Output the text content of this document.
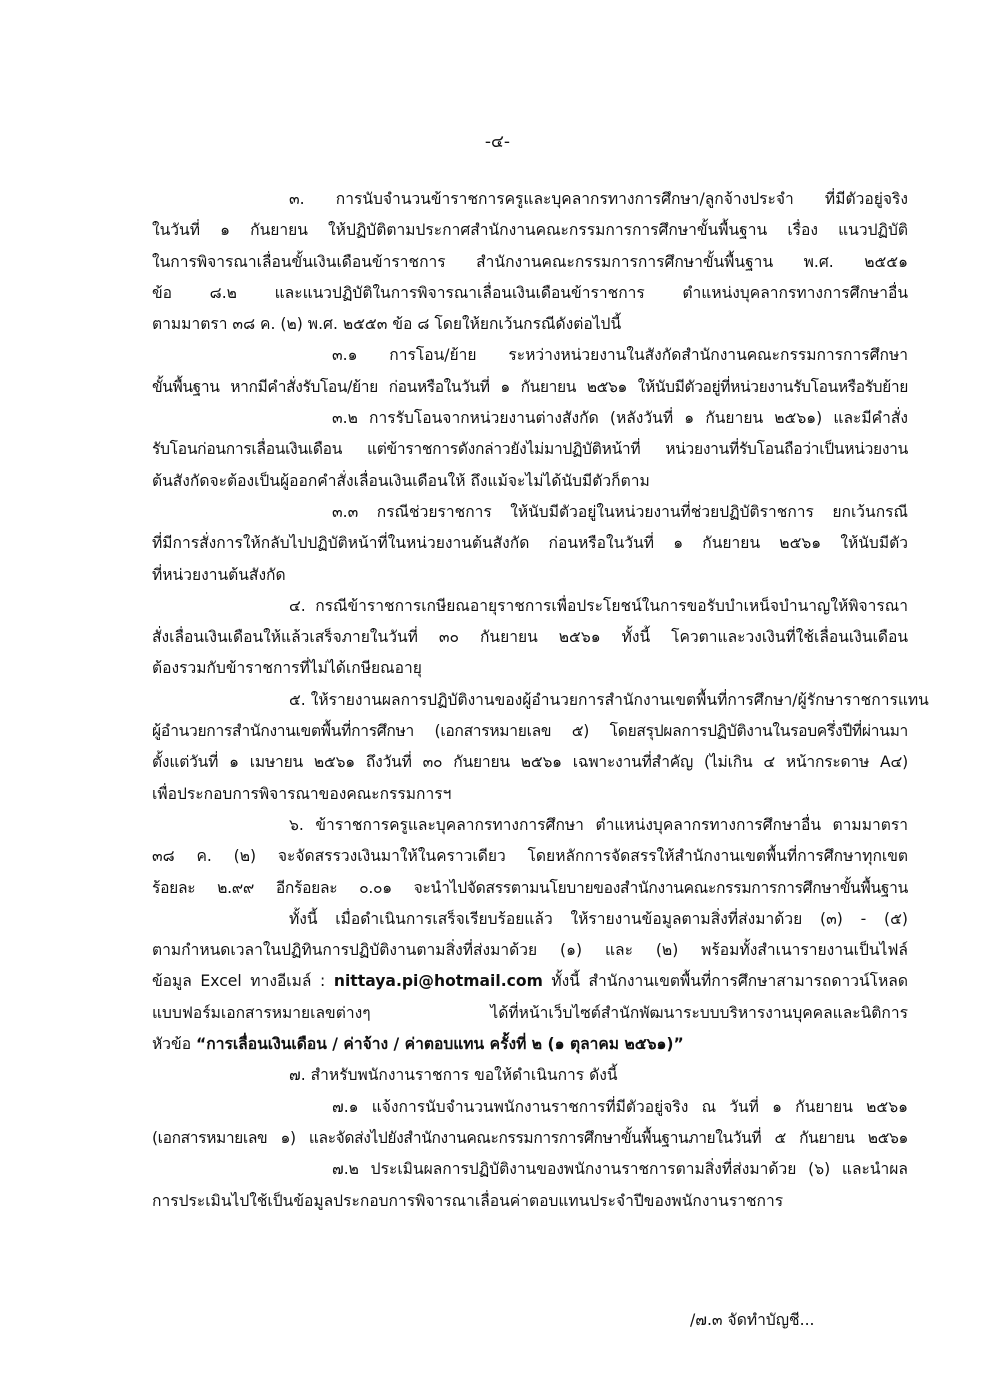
-๔-
๓. การนับจำนวนข้าราชการครูและบุคลากรทางการศึกษา/ลูกจ้างประจำ ที่มีตัวอยู่จริง
ในวันที่ ๑ กันยายน ให้ปฏิบัติตามประกาศสำนักงานคณะกรรมการการศึกษาขั้นพื้นฐาน เรื่อง แนวปฏิบัติ
ในการพิจารณาเลื่อนขั้นเงินเดือนข้าราชการ สำนักงานคณะกรรมการการศึกษาขั้นพื้นฐาน พ.ศ. ๒๕๕๑
ข้อ ๘.๒ และแนวปฏิบัติในการพิจารณาเลื่อนเงินเดือนข้าราชการ ตำแหน่งบุคลากรทางการศึกษาอื่น
ตามมาตรา ๓๘ ค. (๒) พ.ศ. ๒๕๕๓ ข้อ ๘ โดยให้ยกเว้นกรณีดังต่อไปนี้
๓.๑ การโอน/ย้าย ระหว่างหน่วยงานในสังกัดสำนักงานคณะกรรมการการศึกษา
ขั้นพื้นฐาน หากมีคำสั่งรับโอน/ย้าย ก่อนหรือในวันที่ ๑ กันยายน ๒๕๖๑ ให้นับมีตัวอยู่ที่หน่วยงานรับโอนหรือรับย้าย
๓.๒ การรับโอนจากหน่วยงานต่างสังกัด (หลังวันที่ ๑ กันยายน ๒๕๖๑) และมีคำสั่ง
รับโอนก่อนการเลื่อนเงินเดือน แต่ข้าราชการดังกล่าวยังไม่มาปฏิบัติหน้าที่ หน่วยงานที่รับโอนถือว่าเป็นหน่วยงาน
ต้นสังกัดจะต้องเป็นผู้ออกคำสั่งเลื่อนเงินเดือนให้ ถึงแม้จะไม่ได้นับมีตัวก็ตาม
๓.๓ กรณีช่วยราชการ ให้นับมีตัวอยู่ในหน่วยงานที่ช่วยปฏิบัติราชการ ยกเว้นกรณี
ที่มีการสั่งการให้กลับไปปฏิบัติหน้าที่ในหน่วยงานต้นสังกัด ก่อนหรือในวันที่ ๑ กันยายน ๒๕๖๑ ให้นับมีตัว
ที่หน่วยงานต้นสังกัด
๔. กรณีข้าราชการเกษียณอายุราชการเพื่อประโยชน์ในการขอรับบำเหน็จบำนาญให้พิจารณา
สั่งเลื่อนเงินเดือนให้แล้วเสร็จภายในวันที่ ๓๐ กันยายน ๒๕๖๑ ทั้งนี้ โควตาและวงเงินที่ใช้เลื่อนเงินเดือน
ต้องรวมกับข้าราชการที่ไม่ได้เกษียณอายุ
๕. ให้รายงานผลการปฏิบัติงานของผู้อำนวยการสำนักงานเขตพื้นที่การศึกษา/ผู้รักษาราชการแทน
ผู้อำนวยการสำนักงานเขตพื้นที่การศึกษา (เอกสารหมายเลข ๕) โดยสรุปผลการปฏิบัติงานในรอบครึ่งปีที่ผ่านมา
ตั้งแต่วันที่ ๑ เมษายน ๒๕๖๑ ถึงวันที่ ๓๐ กันยายน ๒๕๖๑ เฉพาะงานที่สำคัญ (ไม่เกิน ๔ หน้ากระดาษ A๔)
เพื่อประกอบการพิจารณาของคณะกรรมการฯ
๖. ข้าราชการครูและบุคลากรทางการศึกษา ตำแหน่งบุคลากรทางการศึกษาอื่น ตามมาตรา
๓๘ ค. (๒) จะจัดสรรวงเงินมาให้ในคราวเดียว โดยหลักการจัดสรรให้สำนักงานเขตพื้นที่การศึกษาทุกเขต
ร้อยละ ๒.๙๙ อีกร้อยละ ๐.๐๑ จะนำไปจัดสรรตามนโยบายของสำนักงานคณะกรรมการการศึกษาขั้นพื้นฐาน
ทั้งนี้ เมื่อดำเนินการเสร็จเรียบร้อยแล้ว ให้รายงานข้อมูลตามสิ่งที่ส่งมาด้วย (๓) - (๕)
ตามกำหนดเวลาในปฏิทินการปฏิบัติงานตามสิ่งที่ส่งมาด้วย (๑) และ (๒) พร้อมทั้งสำเนารายงานเป็นไฟล์
ข้อมูล Excel ทางอีเมล์ : nittaya.pi@hotmail.com ทั้งนี้ สำนักงานเขตพื้นที่การศึกษาสามารถดาวน์โหลด
แบบฟอร์มเอกสารหมายเลขต่างๆ ได้ที่หน้าเว็บไซต์สำนักพัฒนาระบบบริหารงานบุคคลและนิติการ
หัวข้อ “การเลื่อนเงินเดือน / ค่าจ้าง / ค่าตอบแทน ครั้งที่ ๒ (๑ ตุลาคม ๒๕๖๑)”
๗. สำหรับพนักงานราชการ ขอให้ดำเนินการ ดังนี้
๗.๑ แจ้งการนับจำนวนพนักงานราชการที่มีตัวอยู่จริง ณ วันที่ ๑ กันยายน ๒๕๖๑
(เอกสารหมายเลข ๑) และจัดส่งไปยังสำนักงานคณะกรรมการการศึกษาขั้นพื้นฐานภายในวันที่ ๕ กันยายน ๒๕๖๑
๗.๒ ประเมินผลการปฏิบัติงานของพนักงานราชการตามสิ่งที่ส่งมาด้วย (๖) และนำผล
การประเมินไปใช้เป็นข้อมูลประกอบการพิจารณาเลื่อนค่าตอบแทนประจำปีของพนักงานราชการ
/๗.๓ จัดทำบัญชี...
